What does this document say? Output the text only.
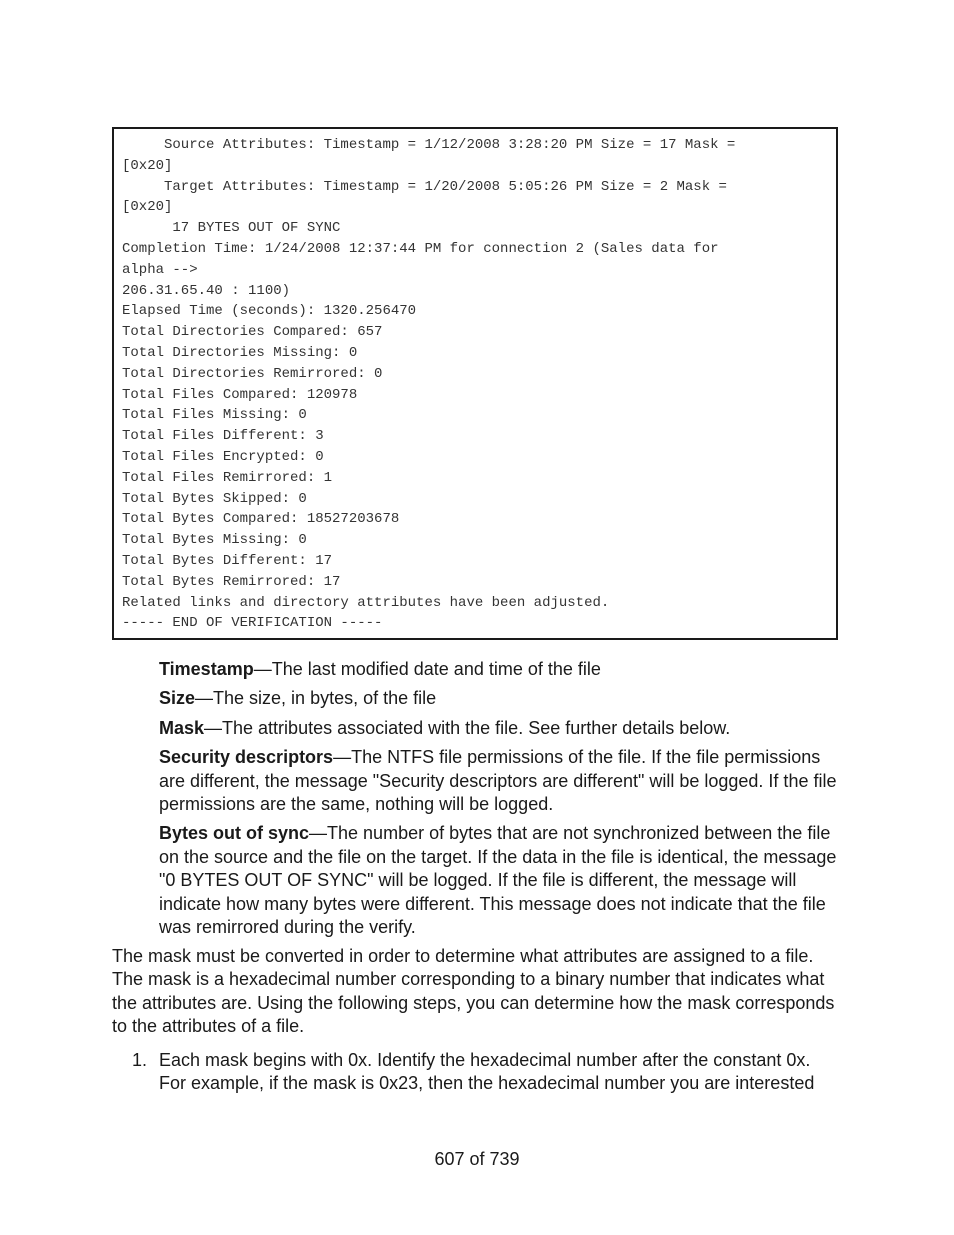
Source Attributes: Timestamp = 1/12/2008 3:28:20 PM Size = 17 Mask =
[0x20]
Target Attributes: Timestamp = 1/20/2008 5:05:26 PM Size = 2 Mask =
[0x20]
17 BYTES OUT OF SYNC
Completion Time: 1/24/2008 12:37:44 PM for connection 2 (Sales data for
alpha -->
206.31.65.40 : 1100)
Elapsed Time (seconds): 1320.256470
Total Directories Compared: 657
Total Directories Missing: 0
Total Directories Remirrored: 0
Total Files Compared: 120978
Total Files Missing: 0
Total Files Different: 3
Total Files Encrypted: 0
Total Files Remirrored: 1
Total Bytes Skipped: 0
Total Bytes Compared: 18527203678
Total Bytes Missing: 0
Total Bytes Different: 17
Total Bytes Remirrored: 17
Related links and directory attributes have been adjusted.
----- END OF VERIFICATION -----
Timestamp—The last modified date and time of the file
Size—The size, in bytes, of the file
Mask—The attributes associated with the file. See further details below.
Security descriptors—The NTFS file permissions of the file. If the file permissions are different, the message "Security descriptors are different" will be logged. If the file permissions are the same, nothing will be logged.
Bytes out of sync—The number of bytes that are not synchronized between the file on the source and the file on the target. If the data in the file is identical, the message "0 BYTES OUT OF SYNC" will be logged. If the file is different, the message will indicate how many bytes were different. This message does not indicate that the file was remirrored during the verify.
The mask must be converted in order to determine what attributes are assigned to a file. The mask is a hexadecimal number corresponding to a binary number that indicates what the attributes are. Using the following steps, you can determine how the mask corresponds to the attributes of a file.
1. Each mask begins with 0x. Identify the hexadecimal number after the constant 0x. For example, if the mask is 0x23, then the hexadecimal number you are interested
607 of 739
